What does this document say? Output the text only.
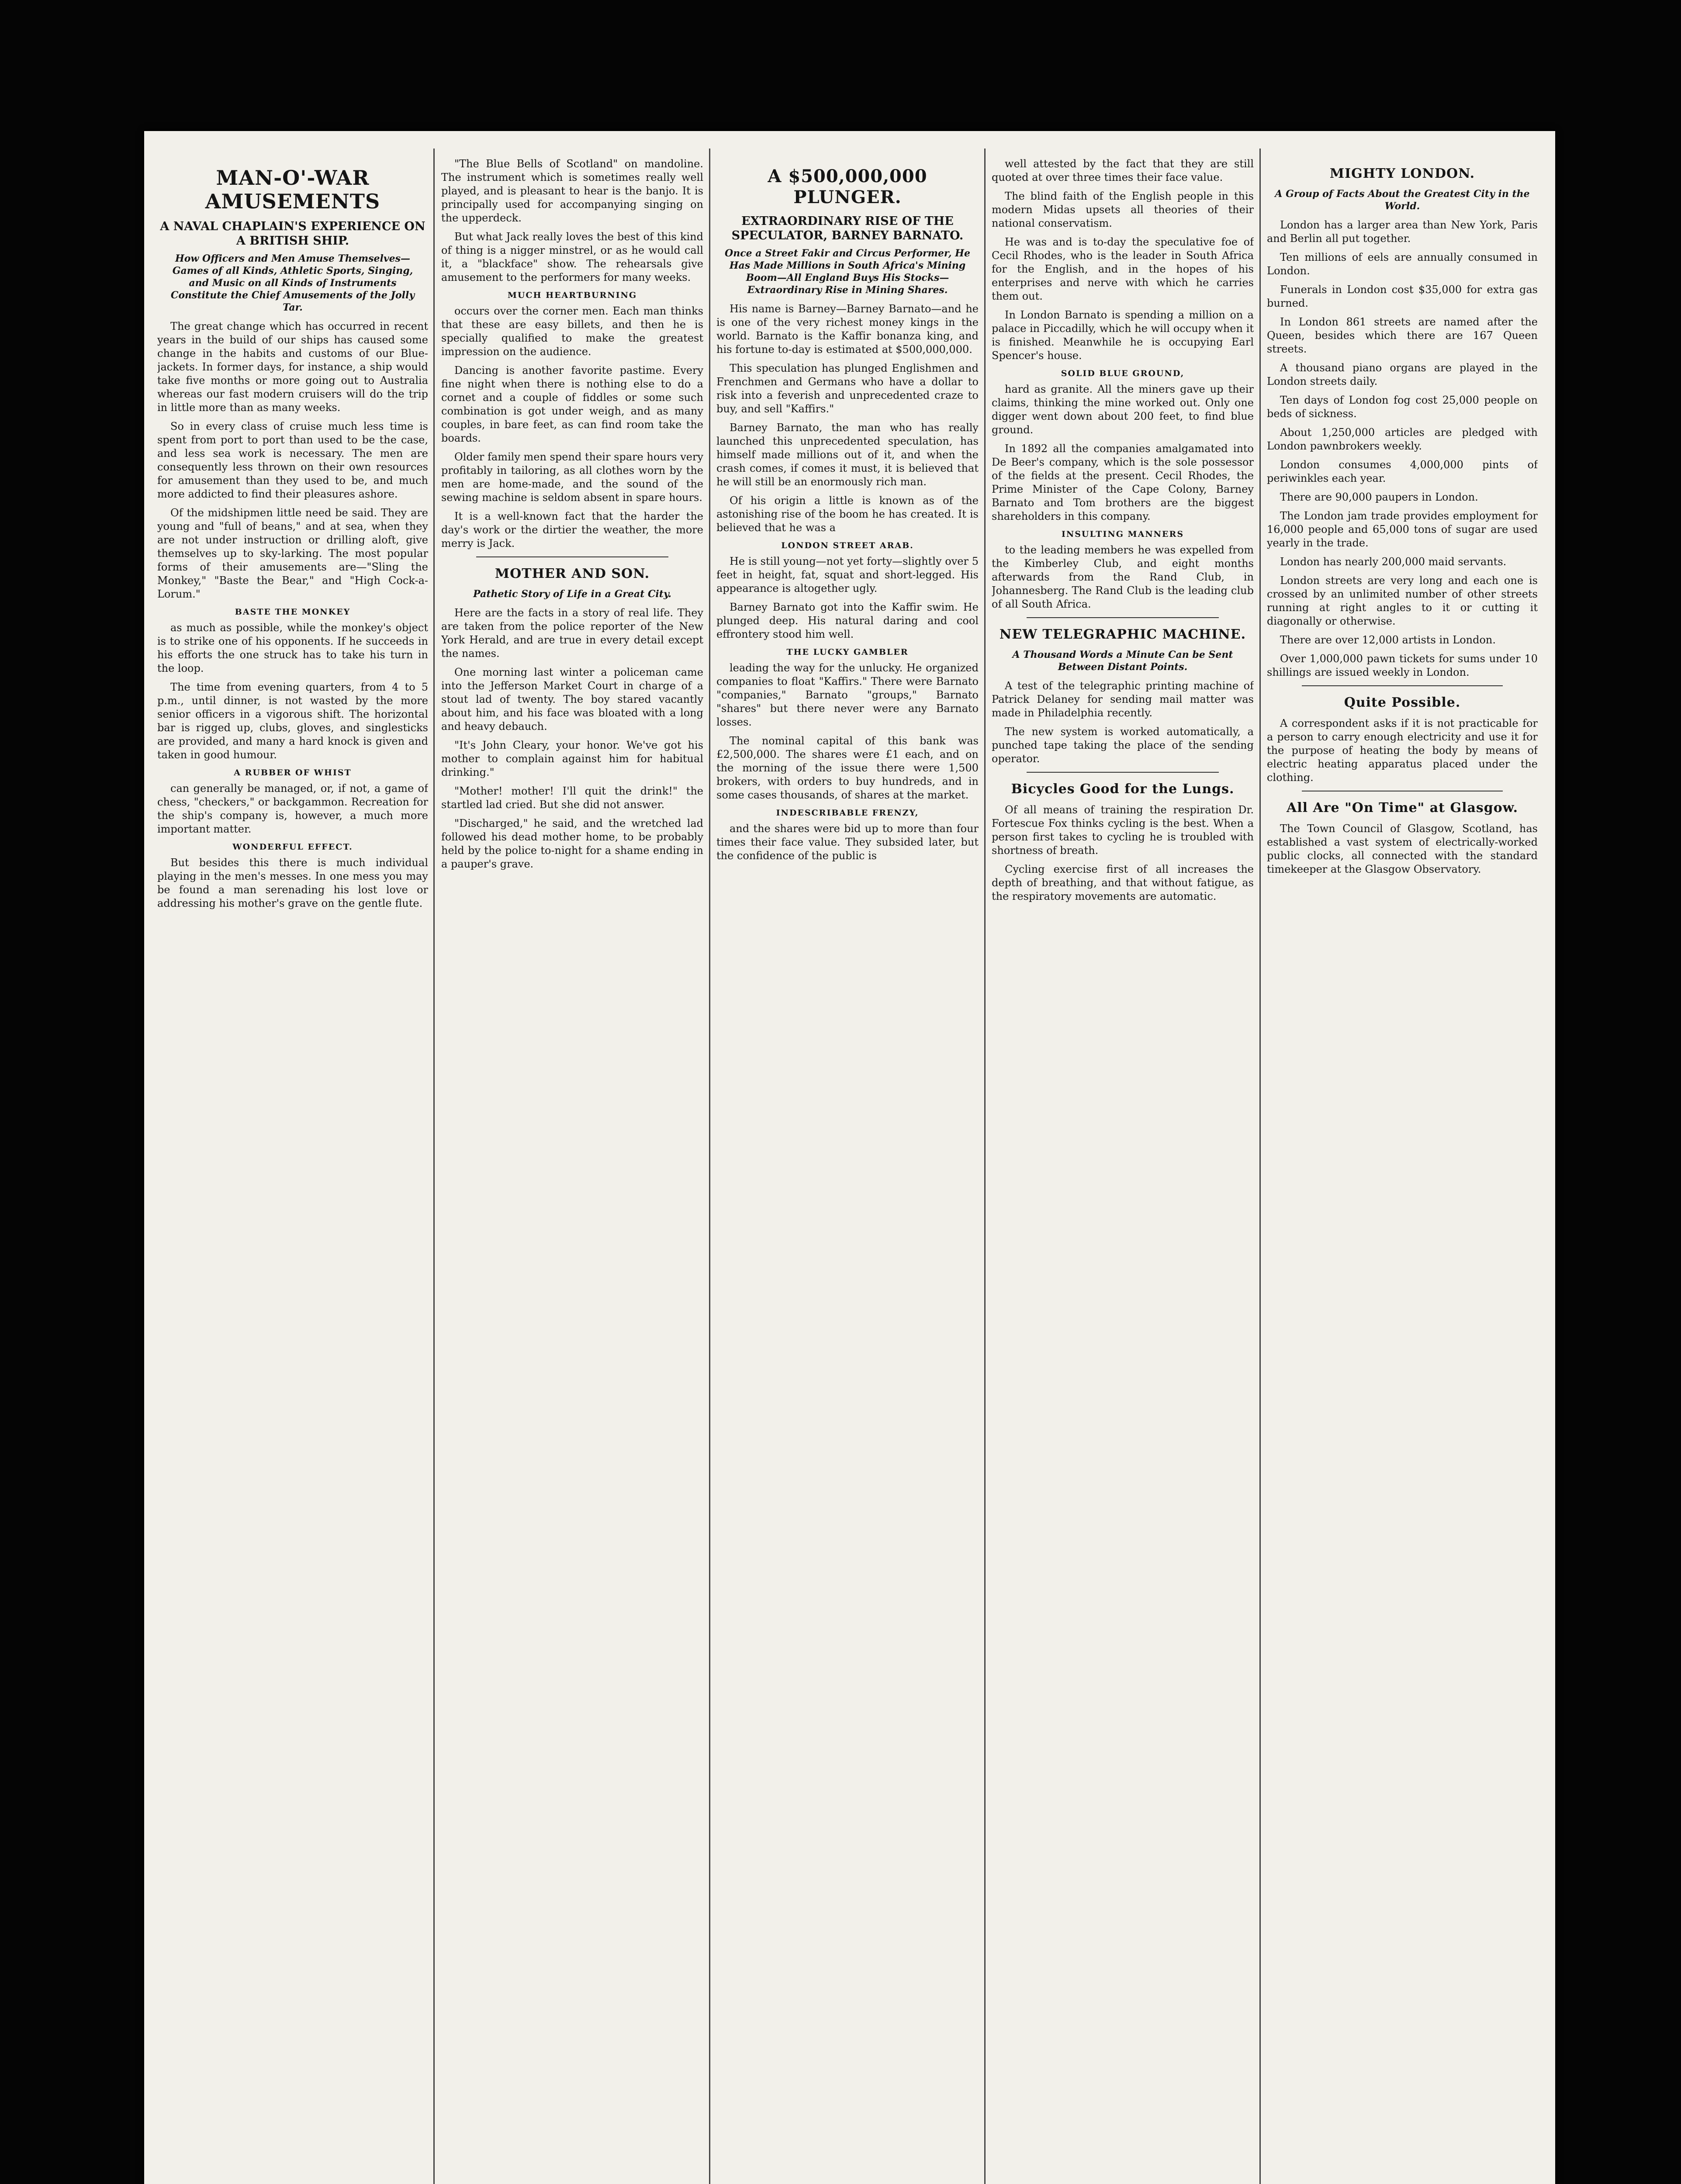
MAN-O'-WAR AMUSEMENTS
A NAVAL CHAPLAIN'S EXPERIENCE ON A BRITISH SHIP.
How Officers and Men Amuse Themselves—Games of all Kinds, Athletic Sports, Singing, and Music on all Kinds of Instruments Constitute the Chief Amusements of the Jolly Tar.

The great change which has occurred in recent years in the build of our ships has caused some change in the habits and customs of our Blue-jackets. In former days, for instance, a ship would take five months or more going out to Australia whereas our fast modern cruisers will do the trip in little more than as many weeks.

So in every class of cruise much less time is spent from port to port than used to be the case, and less sea work is necessary. The men are consequently less thrown on their own resources for amusement than they used to be, and much more addicted to find their pleasures ashore.

Of the midshipmen little need be said. They are young and "full of beans," and at sea, when they are not under instruction or drilling aloft, give themselves up to sky-larking. The most popular forms of their amusements are—"Sling the Monkey," "Baste the Bear," and "High Cock-a-Lorum."

BASTE THE MONKEY

as much as possible, while the monkey's object is to strike one of his opponents. If he succeeds in his efforts the one struck has to take his turn in the loop.

The time from evening quarters, from 4 to 5 p.m., until dinner, is not wasted by the more senior officers in a vigorous shift. The horizontal bar is rigged up, clubs, gloves, and singlesticks are provided, and many a hard knock is given and taken in good humour.

A RUBBER OF WHIST

can generally be managed, or, if not, a game of chess, "checkers," or backgammon. Recreation for the ship's company is, however, a much more important matter.

WONDERFUL EFFECT.

But besides this there is much individual playing in the men's messes. In one mess you may be found a man serenading his lost love or addressing his mother's grave on the gentle flute.

"The Blue Bells of Scotland" on mandoline. The instrument which is sometimes really well played, and is pleasant to hear is the banjo. It is principally used for accompanying singing on the upperdeck.

But what Jack really loves the best of this kind of thing is a nigger minstrel, or as he would call it, a "blackface" show. The rehearsals give amusement to the performers for many weeks.

MUCH HEARTBURNING

occurs over the corner men. Each man thinks that these are easy billets, and then he is specially qualified to make the greatest impression on the audience.

Dancing is another favorite pastime. Every fine night when there is nothing else to do a cornet and a couple of fiddles or some such combination is got under weigh, and as many couples, in bare feet, as can find room take the boards.

Older family men spend their spare hours very profitably in tailoring, as all clothes worn by the men are home-made, and the sound of the sewing machine is seldom absent in spare hours.

It is a well-known fact that the harder the day's work or the dirtier the weather, the more merry is Jack.

MOTHER AND SON.
Pathetic Story of Life in a Great City.

Here are the facts in a story of real life. They are taken from the police reporter of the New York Herald, and are true in every detail except the names.

One morning last winter a policeman came into the Jefferson Market Court in charge of a stout lad of twenty. The boy stared vacantly about him, and his face was bloated with a long and heavy debauch.

"It's John Cleary, your honor. We've got his mother to complain against him for habitual drinking."

"Mother! mother! I'll quit the drink!" the startled lad cried. But she did not answer.

"Discharged," he said, and the wretched lad followed his dead mother home, to be probably held by the police to-night for a shame ending in a pauper's grave.

A $500,000,000 PLUNGER.
EXTRAORDINARY RISE OF THE SPECULATOR, BARNEY BARNATO.
Once a Street Fakir and Circus Performer, He Has Made Millions in South Africa's Mining Boom—All England Buys His Stocks—Extraordinary Rise in Mining Shares.

His name is Barney—Barney Barnato—and he is one of the very richest money kings in the world. Barnato is the Kaffir bonanza king, and his fortune to-day is estimated at $500,000,000.

This speculation has plunged Englishmen and Frenchmen and Germans who have a dollar to risk into a feverish and unprecedented craze to buy, and sell "Kaffirs."

Barney Barnato, the man who has really launched this unprecedented speculation, has himself made millions out of it, and when the crash comes, if comes it must, it is believed that he will still be an enormously rich man.

Of his origin a little is known as of the astonishing rise of the boom he has created. It is believed that he was a

LONDON STREET ARAB.

He is still young—not yet forty—slightly over 5 feet in height, fat, squat and short-legged. His appearance is altogether ugly.

Barney Barnato got into the Kaffir swim. He plunged deep. His natural daring and cool effrontery stood him well.

THE LUCKY GAMBLER

leading the way for the unlucky. He organized companies to float "Kaffirs." There were Barnato "companies," Barnato "groups," Barnato "shares" but there never were any Barnato losses.

The nominal capital of this bank was £2,500,000. The shares were £1 each, and on the morning of the issue there were 1,500 brokers, with orders to buy hundreds, and in some cases thousands, of shares at the market.

INDESCRIBABLE FRENZY,

and the shares were bid up to more than four times their face value. They subsided later, but the confidence of the public is

well attested by the fact that they are still quoted at over three times their face value.

The blind faith of the English people in this modern Midas upsets all theories of their national conservatism.

He was and is to-day the speculative foe of Cecil Rhodes, who is the leader in South Africa for the English, and in the hopes of his enterprises and nerve with which he carries them out.

In London Barnato is spending a million on a palace in Piccadilly, which he will occupy when it is finished. Meanwhile he is occupying Earl Spencer's house.

SOLID BLUE GROUND,

hard as granite. All the miners gave up their claims, thinking the mine worked out. Only one digger went down about 200 feet, to find blue ground.

In 1892 all the companies amalgamated into De Beer's company, which is the sole possessor of the fields at the present. Cecil Rhodes, the Prime Minister of the Cape Colony, Barney Barnato and Tom brothers are the biggest shareholders in this company.

INSULTING MANNERS

to the leading members he was expelled from the Kimberley Club, and eight months afterwards from the Rand Club, in Johannesberg. The Rand Club is the leading club of all South Africa.

NEW TELEGRAPHIC MACHINE.
A Thousand Words a Minute Can be Sent Between Distant Points.

A test of the telegraphic printing machine of Patrick Delaney for sending mail matter was made in Philadelphia recently.

The new system is worked automatically, a punched tape taking the place of the sending operator.

Bicycles Good for the Lungs.

Of all means of training the respiration Dr. Fortescue Fox thinks cycling is the best. When a person first takes to cycling he is troubled with shortness of breath.

Cycling exercise first of all increases the depth of breathing, and that without fatigue, as the respiratory movements are automatic.

MIGHTY LONDON.
A Group of Facts About the Greatest City in the World.

London has a larger area than New York, Paris and Berlin all put together.

Ten millions of eels are annually consumed in London.

Funerals in London cost $35,000 for extra gas burned.

In London 861 streets are named after the Queen, besides which there are 167 Queen streets.

A thousand piano organs are played in the London streets daily.

Ten days of London fog cost 25,000 people on beds of sickness.

About 1,250,000 articles are pledged with London pawnbrokers weekly.

London consumes 4,000,000 pints of periwinkles each year.

There are 90,000 paupers in London.

The London jam trade provides employment for 16,000 people and 65,000 tons of sugar are used yearly in the trade.

London has nearly 200,000 maid servants.

London streets are very long and each one is crossed by an unlimited number of other streets running at right angles to it or cutting it diagonally or otherwise.

There are over 12,000 artists in London.

Over 1,000,000 pawn tickets for sums under 10 shillings are issued weekly in London.

Quite Possible.

A correspondent asks if it is not practicable for a person to carry enough electricity and use it for the purpose of heating the body by means of electric heating apparatus placed under the clothing.

All Are "On Time" at Glasgow.

The Town Council of Glasgow, Scotland, has established a vast system of electrically-worked public clocks, all connected with the standard timekeeper at the Glasgow Observatory.
